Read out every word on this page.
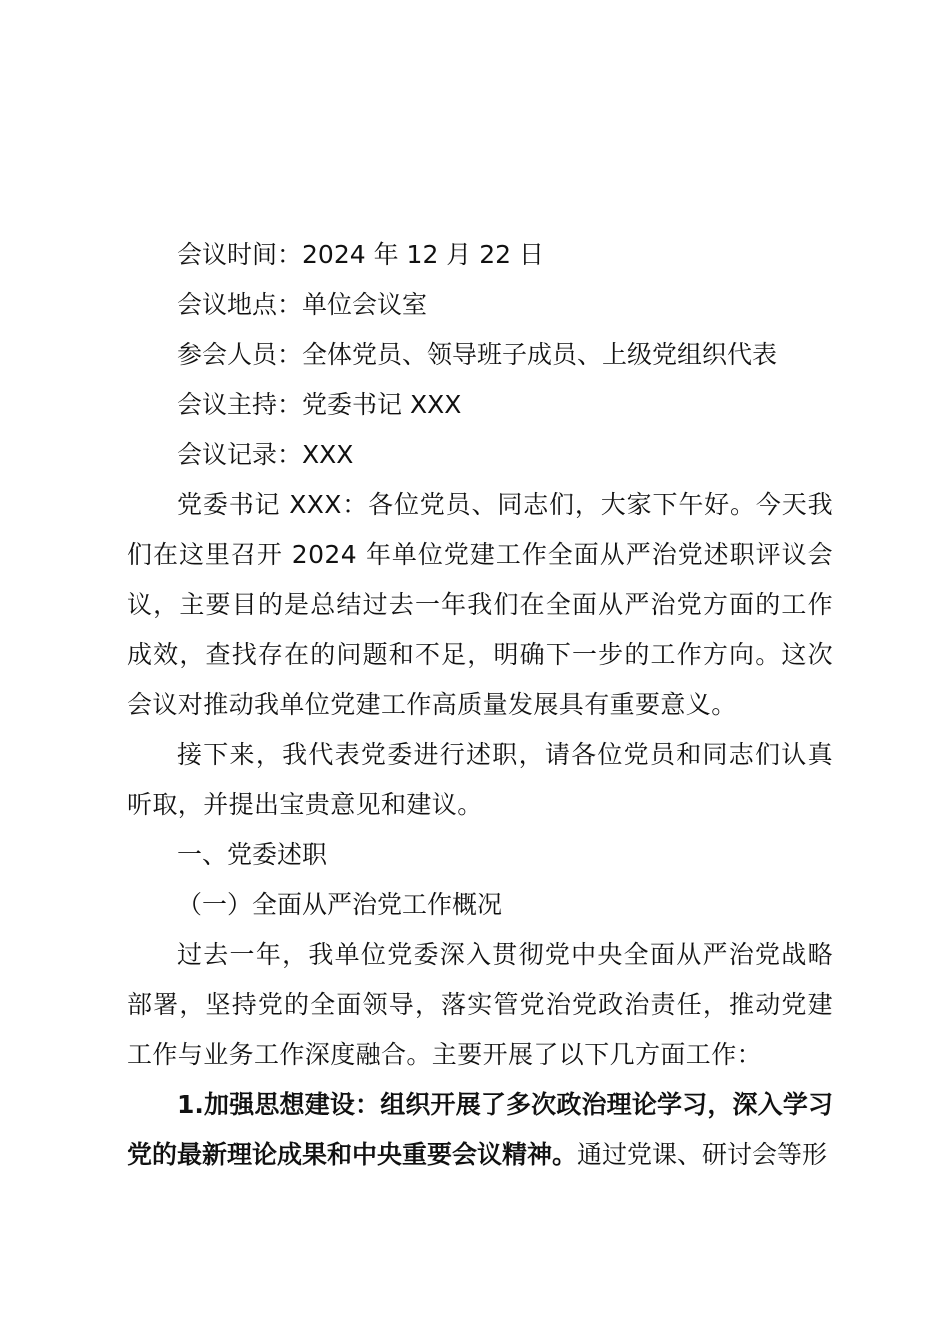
会议时间：2024 年 12 月 22 日

会议地点：单位会议室

参会人员：全体党员、领导班子成员、上级党组织代表

会议主持：党委书记 XXX

会议记录：XXX

党委书记 XXX：各位党员、同志们，大家下午好。今天我们在这里召开 2024 年单位党建工作全面从严治党述职评议会议，主要目的是总结过去一年我们在全面从严治党方面的工作成效，查找存在的问题和不足，明确下一步的工作方向。这次会议对推动我单位党建工作高质量发展具有重要意义。

接下来，我代表党委进行述职，请各位党员和同志们认真听取，并提出宝贵意见和建议。

一、党委述职

（一）全面从严治党工作概况

过去一年，我单位党委深入贯彻党中央全面从严治党战略部署，坚持党的全面领导，落实管党治党政治责任，推动党建工作与业务工作深度融合。主要开展了以下几方面工作：

1.加强思想建设：组织开展了多次政治理论学习，深入学习党的最新理论成果和中央重要会议精神。通过党课、研讨会等形
